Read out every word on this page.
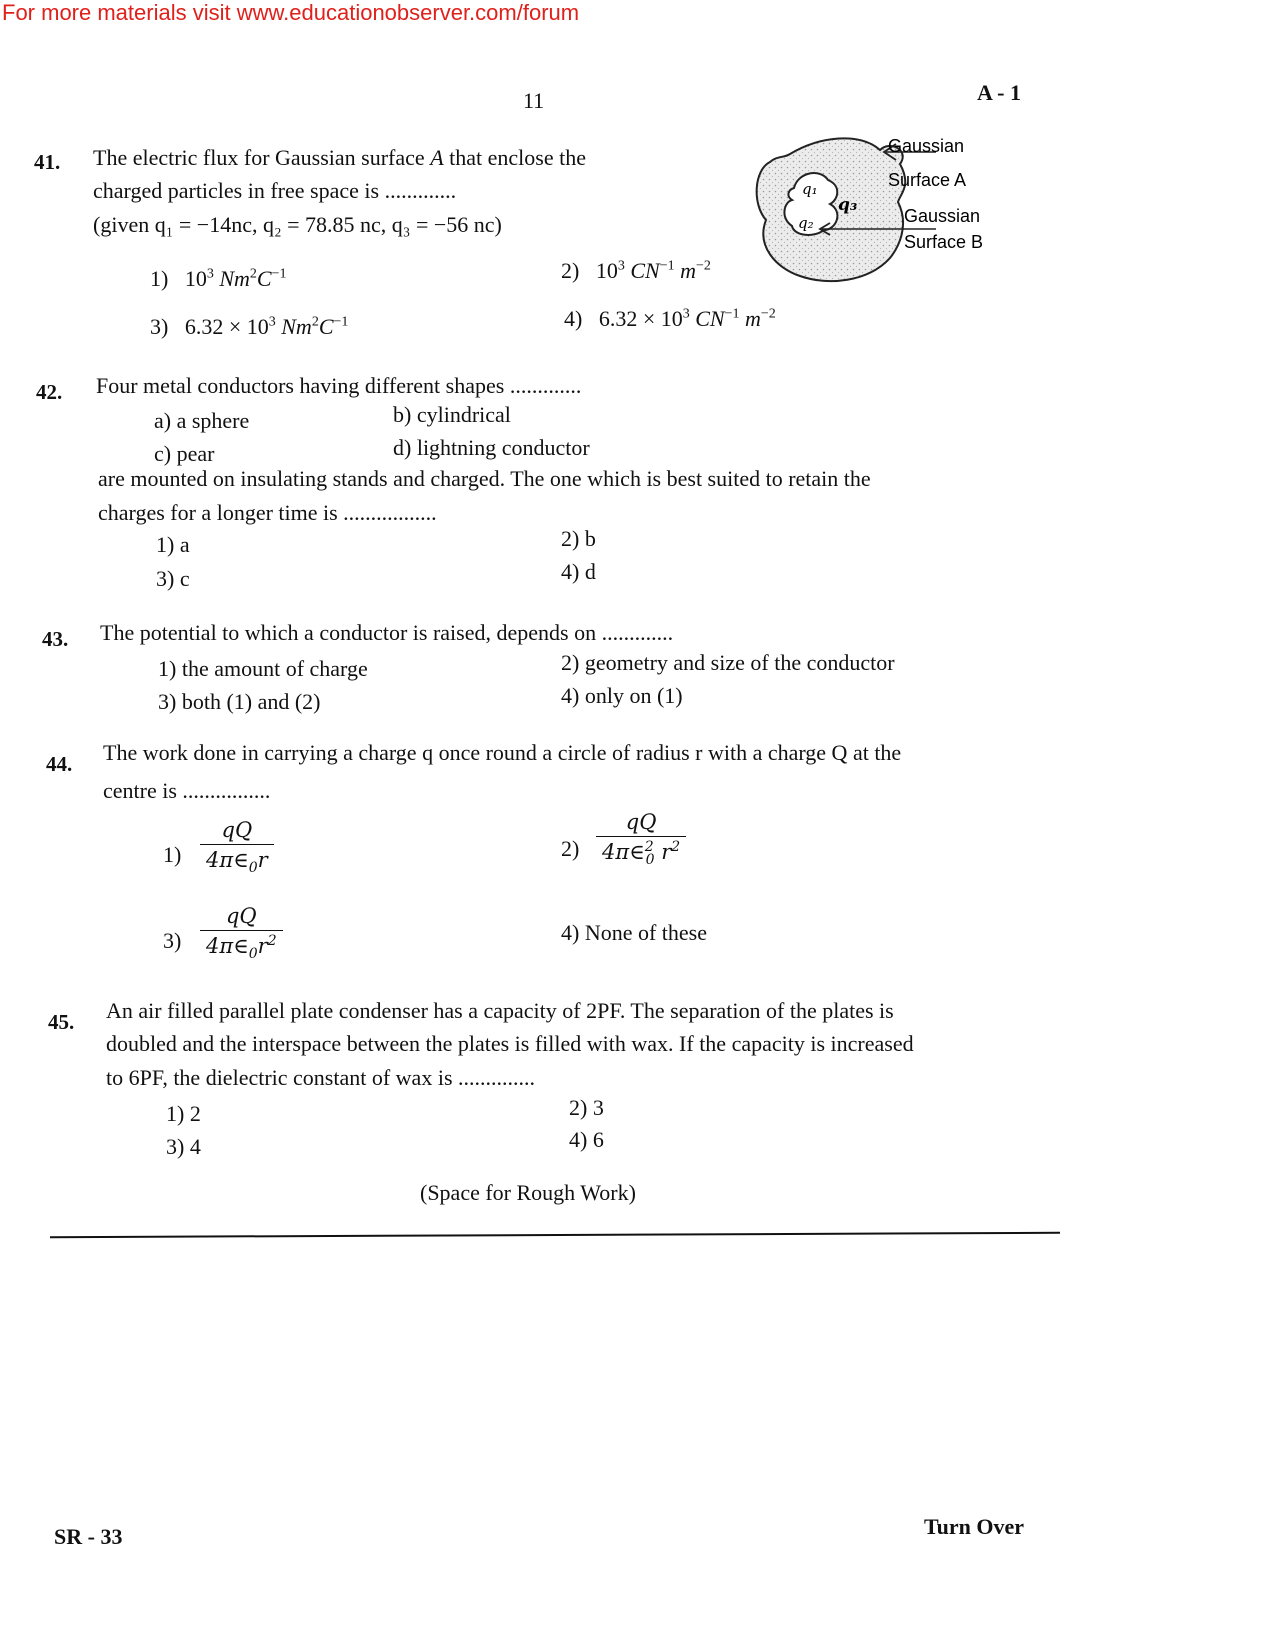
For more materials visit www.educationobserver.com/forum
11	A - 1
41. The electric flux for Gaussian surface A that enclose the
charged particles in free space is .............
(given q₁ = −14nc, q₂ = 78.85 nc, q₃ = −56 nc)
1)   $10^3$ $Nm^2C^{-1}$	2)   $10^3$ $CN^{-1}$ $m^{-2}$
3)   $6.32 \times 10^3$ $Nm^2C^{-1}$	4)   $6.32 \times 10^3$ $CN^{-1}$ $m^{-2}$
q₁
q₂
q₃
Gaussian
Surface A
Gaussian
Surface B
42. Four metal conductors having different shapes .............
a) a sphere	b) cylindrical
c) pear	d) lightning conductor
are mounted on insulating stands and charged. The one which is best suited to retain the
charges for a longer time is .................
1) a	2) b
3) c	4) d
43. The potential to which a conductor is raised, depends on .............
1) the amount of charge	2) geometry and size of the conductor
3) both (1) and (2)	4) only on (1)
44. The work done in carrying a charge q once round a circle of radius r with a charge Q at the
centre is ................
$1) \frac{qQ}{4\pi\in_0r}$	$2) \frac{qQ}{4\pi\in^2_0 r^2}$
$3) \frac{qQ}{4\pi\in_0r^2}$	4) None of these
45. An air filled parallel plate condenser has a capacity of 2PF. The separation of the plates is
doubled and the interspace between the plates is filled with wax. If the capacity is increased
to 6PF, the dielectric constant of wax is ..............
1) 2	2) 3
3) 4	4) 6
(Space for Rough Work)
SR - 33	Turn Over
